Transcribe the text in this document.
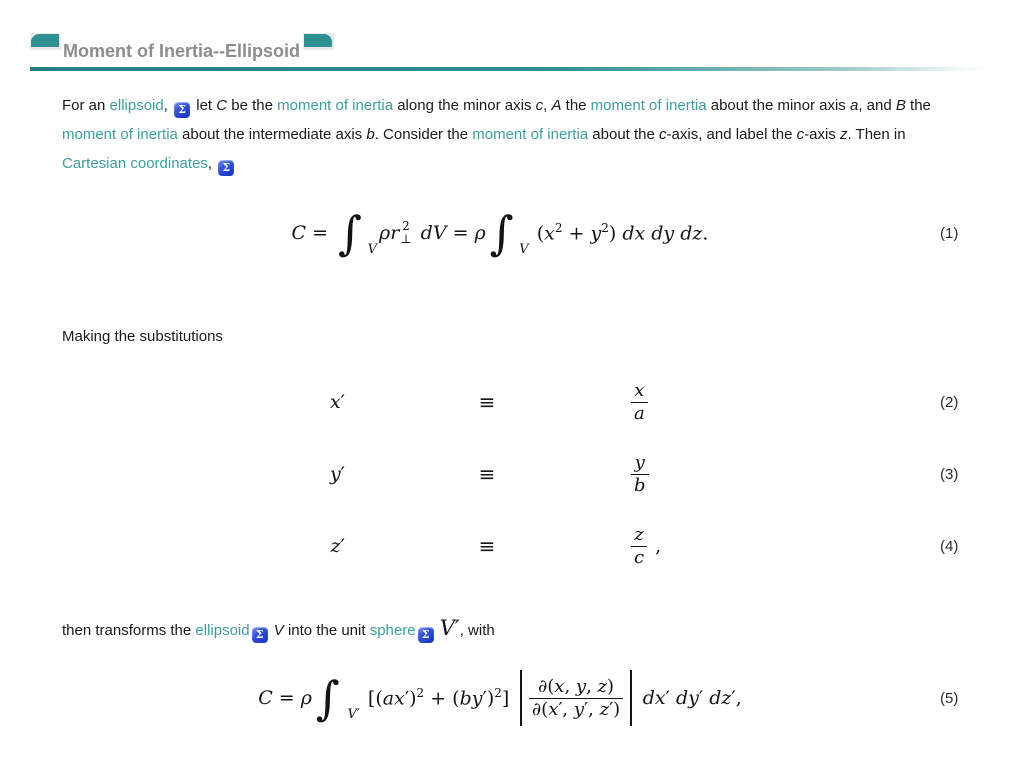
Moment of Inertia--Ellipsoid

For an ellipsoid, Σ let C be the moment of inertia along the minor axis c, A the moment of inertia about the minor axis a, and B the moment of inertia about the intermediate axis b. Consider the moment of inertia about the c-axis, and label the c-axis z. Then in Cartesian coordinates, Σ

C = ∫ V
ρr 2
⊥ dV = ρ ∫ V
$(x^2 + y^2)$ dx dy dz.	(1)

Making the substitutions

x′	≡	$\frac{x}{a}$	(2)
y′	≡	$\frac{y}{b}$	(3)
z′	≡	$\frac{z}{c}$ ,	(4)

then transforms the ellipsoid Σ V into the unit sphere Σ V′, with

C = ρ ∫ V′
$[(ax')^2 + (by')^2] \frac{\partial(x, y, z)}{\partial(x', y', z')}$	dx′ dy′ dz′,	(5)
